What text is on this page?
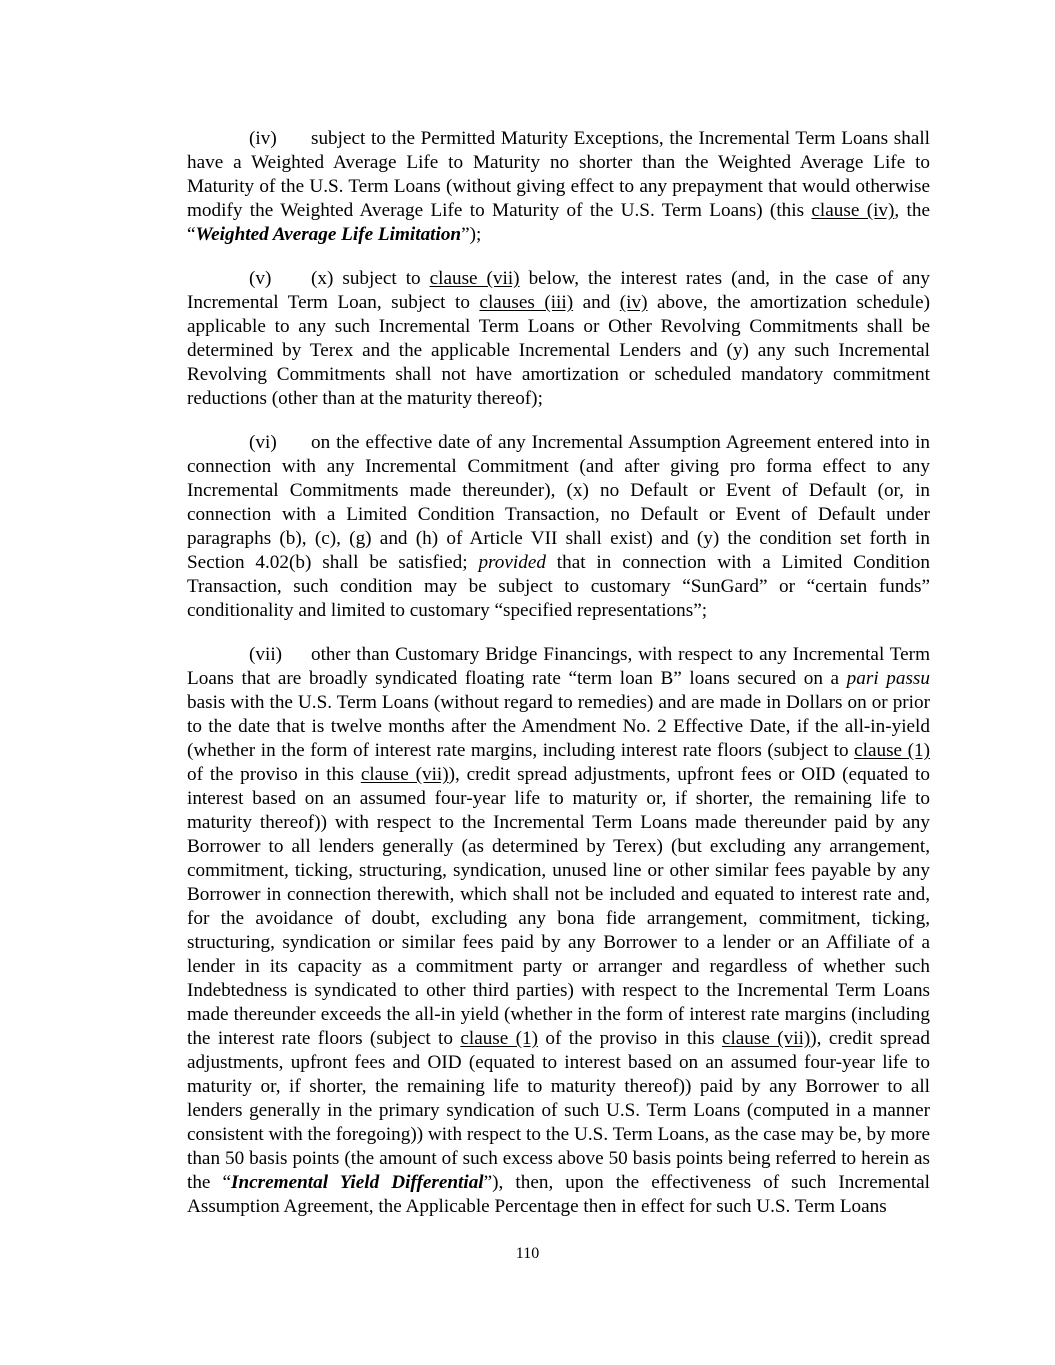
(iv) subject to the Permitted Maturity Exceptions, the Incremental Term Loans shall have a Weighted Average Life to Maturity no shorter than the Weighted Average Life to Maturity of the U.S. Term Loans (without giving effect to any prepayment that would otherwise modify the Weighted Average Life to Maturity of the U.S. Term Loans) (this clause (iv), the “Weighted Average Life Limitation”);

(v) (x) subject to clause (vii) below, the interest rates (and, in the case of any Incremental Term Loan, subject to clauses (iii) and (iv) above, the amortization schedule) applicable to any such Incremental Term Loans or Other Revolving Commitments shall be determined by Terex and the applicable Incremental Lenders and (y) any such Incremental Revolving Commitments shall not have amortization or scheduled mandatory commitment reductions (other than at the maturity thereof);

(vi) on the effective date of any Incremental Assumption Agreement entered into in connection with any Incremental Commitment (and after giving pro forma effect to any Incremental Commitments made thereunder), (x) no Default or Event of Default (or, in connection with a Limited Condition Transaction, no Default or Event of Default under paragraphs (b), (c), (g) and (h) of Article VII shall exist) and (y) the condition set forth in Section 4.02(b) shall be satisfied; provided that in connection with a Limited Condition Transaction, such condition may be subject to customary “SunGard” or “certain funds” conditionality and limited to customary “specified representations”;

(vii) other than Customary Bridge Financings, with respect to any Incremental Term Loans that are broadly syndicated floating rate “term loan B” loans secured on a pari passu basis with the U.S. Term Loans (without regard to remedies) and are made in Dollars on or prior to the date that is twelve months after the Amendment No. 2 Effective Date, if the all-in-yield (whether in the form of interest rate margins, including interest rate floors (subject to clause (1) of the proviso in this clause (vii)), credit spread adjustments, upfront fees or OID (equated to interest based on an assumed four-year life to maturity or, if shorter, the remaining life to maturity thereof)) with respect to the Incremental Term Loans made thereunder paid by any Borrower to all lenders generally (as determined by Terex) (but excluding any arrangement, commitment, ticking, structuring, syndication, unused line or other similar fees payable by any Borrower in connection therewith, which shall not be included and equated to interest rate and, for the avoidance of doubt, excluding any bona fide arrangement, commitment, ticking, structuring, syndication or similar fees paid by any Borrower to a lender or an Affiliate of a lender in its capacity as a commitment party or arranger and regardless of whether such Indebtedness is syndicated to other third parties) with respect to the Incremental Term Loans made thereunder exceeds the all-in yield (whether in the form of interest rate margins (including the interest rate floors (subject to clause (1) of the proviso in this clause (vii)), credit spread adjustments, upfront fees and OID (equated to interest based on an assumed four-year life to maturity or, if shorter, the remaining life to maturity thereof)) paid by any Borrower to all lenders generally in the primary syndication of such U.S. Term Loans (computed in a manner consistent with the foregoing)) with respect to the U.S. Term Loans, as the case may be, by more than 50 basis points (the amount of such excess above 50 basis points being referred to herein as the “Incremental Yield Differential”), then, upon the effectiveness of such Incremental Assumption Agreement, the Applicable Percentage then in effect for such U.S. Term Loans

110
